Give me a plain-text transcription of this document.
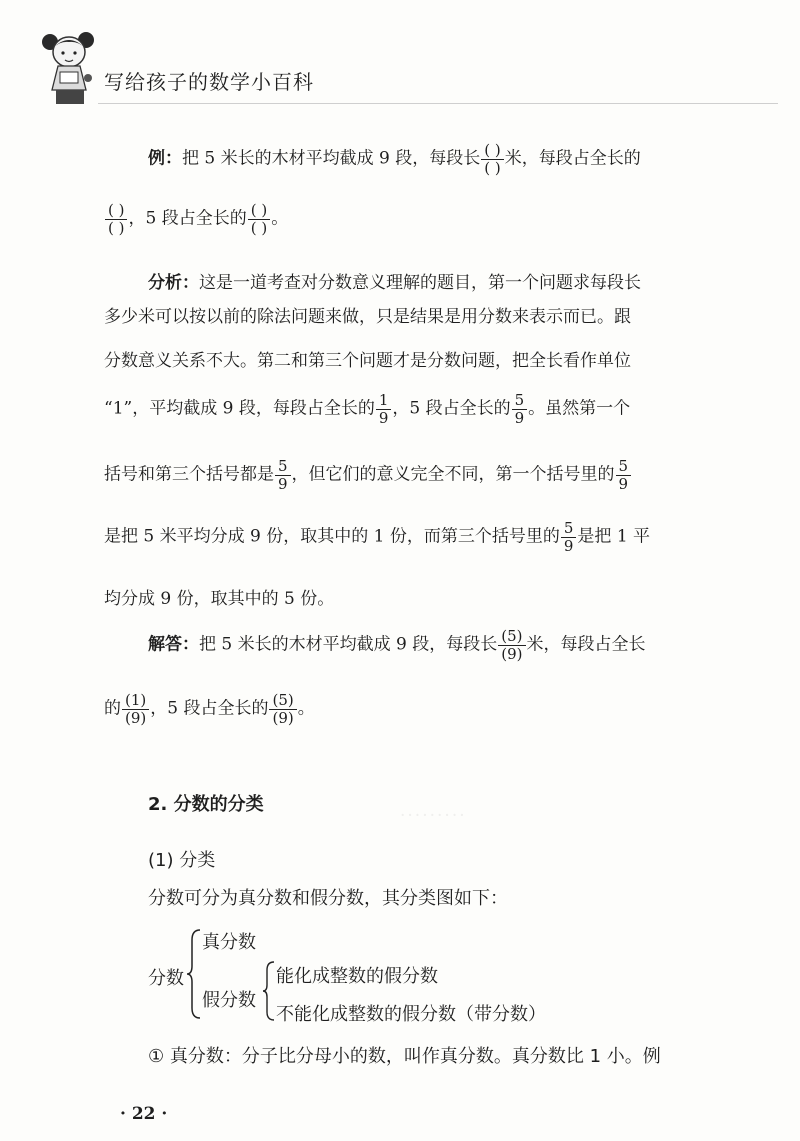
写给孩子的数学小百科
例：把 5 米长的木材平均截成 9 段，每段长 $\frac{( )}{( )}$ 米，每段占全长的
$\frac{( )}{( )}$ ，5 段占全长的 $\frac{( )}{( )}$ 。
分析：这是一道考查对分数意义理解的题目，第一个问题求每段长
多少米可以按以前的除法问题来做，只是结果是用分数来表示而已。跟
分数意义关系不大。第二和第三个问题才是分数问题，把全长看作单位
“1”，平均截成 9 段，每段占全长的 $\frac{1}{9}$ ，5 段占全长的 $\frac{5}{9}$ 。虽然第一个
括号和第三个括号都是 $\frac{5}{9}$ ，但它们的意义完全不同，第一个括号里的 $\frac{5}{9}$
是把 5 米平均分成 9 份，取其中的 1 份，而第三个括号里的 $\frac{5}{9}$ 是把 1 平
均分成 9 份，取其中的 5 份。
解答：把 5 米长的木材平均截成 9 段，每段长 $\frac{(5)}{(9)}$ 米，每段占全长
的 $\frac{(1)}{(9)}$ ，5 段占全长的 $\frac{(5)}{(9)}$ 。
2. 分数的分类
·········
(1) 分类
分数可分为真分数和假分数，其分类图如下：
分数
真分数
假分数
能化成整数的假分数
不能化成整数的假分数（带分数）
① 真分数：分子比分母小的数，叫作真分数。真分数比 1 小。例
· 22 ·
